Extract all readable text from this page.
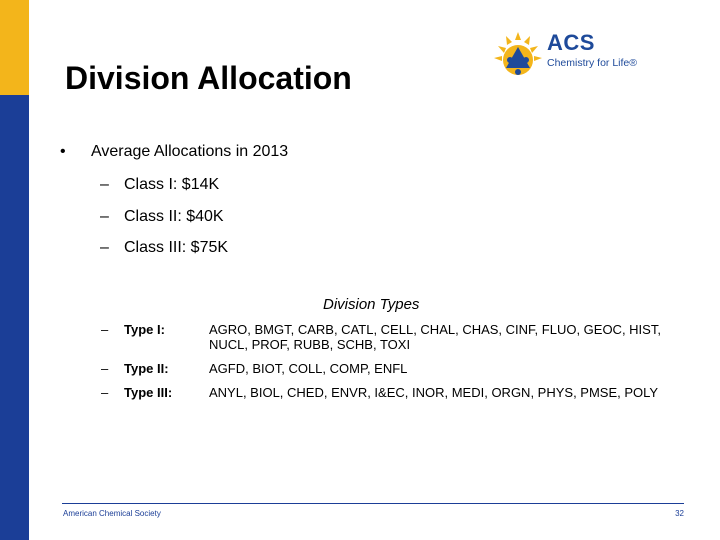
Division Allocation
ACS
Chemistry for Life®
• Average Allocations in 2013
– Class I: $14K
– Class II: $40K
– Class III: $75K
Division Types
– Type I:	AGRO, BMGT, CARB, CATL, CELL, CHAL, CHAS, CINF, FLUO, GEOC, HIST, NUCL, PROF, RUBB, SCHB, TOXI
– Type II:	AGFD, BIOT, COLL, COMP, ENFL
– Type III:	ANYL, BIOL, CHED, ENVR, I&EC, INOR, MEDI, ORGN, PHYS, PMSE, POLY
American Chemical Society	32
